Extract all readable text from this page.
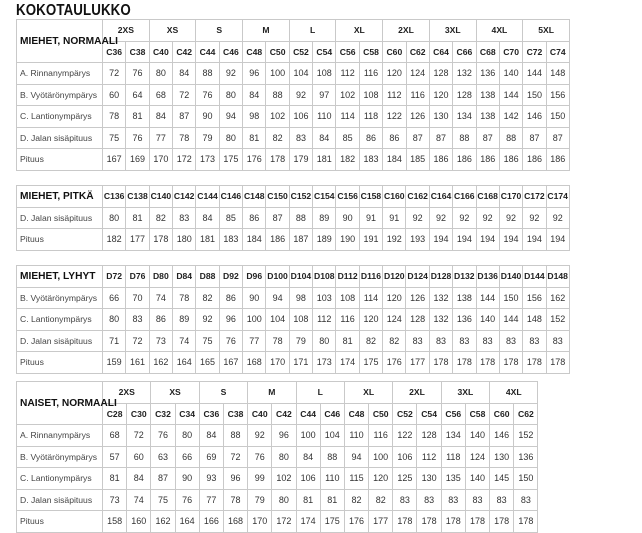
KOKOTAULUKKO
MIEHET, NORMAALI	2XS		XS		S		M		L		XL		2XL		3XL		4XL		5XL	
	C36	C38	C40	C42	C44	C46	C48	C50	C52	C54	C56	C58	C60	C62	C64	C66	C68	C70	C72	C74
A. Rinnanympärys	72	76	80	84	88	92	96	100	104	108	112	116	120	124	128	132	136	140	144	148
B. Vyötärönympärys	60	64	68	72	76	80	84	88	92	97	102	108	112	116	120	128	138	144	150	156
C. Lantionympärys	78	81	84	87	90	94	98	102	106	110	114	118	122	126	130	134	138	142	146	150
D. Jalan sisäpituus	75	76	77	78	79	80	81	82	83	84	85	86	86	87	87	88	87	88	87	87
Pituus	167	169	170	172	173	175	176	178	179	181	182	183	184	185	186	186	186	186	186	186
MIEHET, PITKÄ	C136	C138	C140	C142	C144	C146	C148	C150	C152	C154	C156	C158	C160	C162	C164	C166	C168	C170	C172	C174
D. Jalan sisäpituus	80	81	82	83	84	85	86	87	88	89	90	91	91	92	92	92	92	92	92	92
Pituus	182	177	178	180	181	183	184	186	187	189	190	191	192	193	194	194	194	194	194	194
MIEHET, LYHYT	D72	D76	D80	D84	D88	D92	D96	D100	D104	D108	D112	D116	D120	D124	D128	D132	D136	D140	D144	D148
B. Vyötärönympärys	66	70	74	78	82	86	90	94	98	103	108	114	120	126	132	138	144	150	156	162
C. Lantionympärys	80	83	86	89	92	96	100	104	108	112	116	120	124	128	132	136	140	144	148	152
D. Jalan sisäpituus	71	72	73	74	75	76	77	78	79	80	81	82	82	83	83	83	83	83	83	83
Pituus	159	161	162	164	165	167	168	170	171	173	174	175	176	177	178	178	178	178	178	178
NAISET, NORMAALI	2XS		XS		S		M		L		XL		2XL		3XL		4XL	
	C28	C30	C32	C34	C36	C38	C40	C42	C44	C46	C48	C50	C52	C54	C56	C58	C60	C62
A. Rinnanympärys	68	72	76	80	84	88	92	96	100	104	110	116	122	128	134	140	146	152
B. Vyötärönympärys	57	60	63	66	69	72	76	80	84	88	94	100	106	112	118	124	130	136
C. Lantionympärys	81	84	87	90	93	96	99	102	106	110	115	120	125	130	135	140	145	150
D. Jalan sisäpituus	73	74	75	76	77	78	79	80	81	81	82	82	83	83	83	83	83	83
Pituus	158	160	162	164	166	168	170	172	174	175	176	177	178	178	178	178	178	178
